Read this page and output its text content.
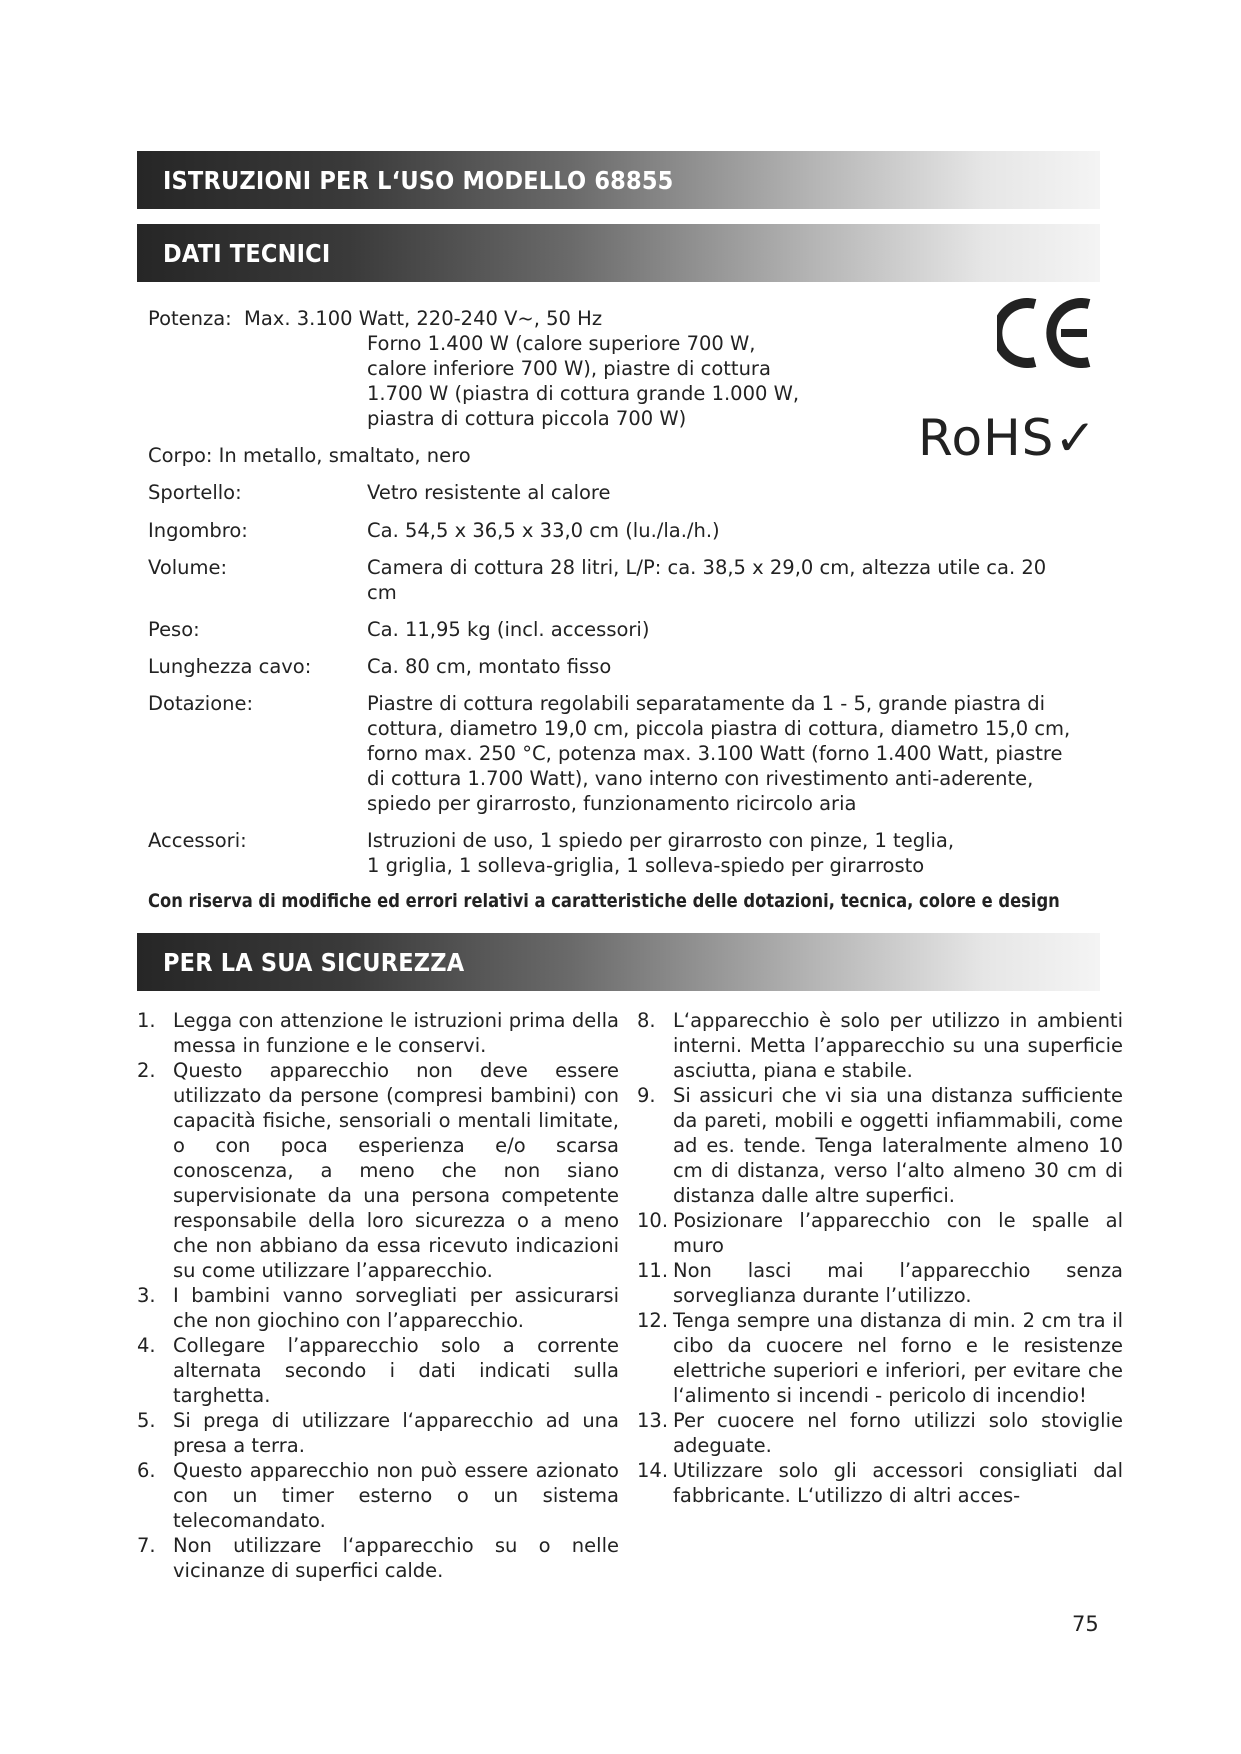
ISTRUZIONI PER L‘USO MODELLO 68855
DATI TECNICI
RoHS✓
Potenza: Max. 3.100 Watt, 220-240 V~, 50 Hz
Forno 1.400 W (calore superiore 700 W,
calore inferiore 700 W), piastre di cottura
1.700 W (piastra di cottura grande 1.000 W,
piastra di cottura piccola 700 W)
Corpo: In metallo, smaltato, nero
Sportello:	Vetro resistente al calore
Ingombro:	Ca. 54,5 x 36,5 x 33,0 cm (lu./la./h.)
Volume:	Camera di cottura 28 litri, L/P: ca. 38,5 x 29,0 cm, altezza utile ca. 20 cm
Peso:	Ca. 11,95 kg (incl. accessori)
Lunghezza cavo:	Ca. 80 cm, montato fisso
Dotazione:	Piastre di cottura regolabili separatamente da 1 - 5, grande piastra di cottura, diametro 19,0 cm, piccola piastra di cottura, diametro 15,0 cm, forno max. 250 °C, potenza max. 3.100 Watt (forno 1.400 Watt, piastre di cottura 1.700 Watt), vano interno con rivestimento anti-aderente, spiedo per girarrosto, funzionamento ricircolo aria
Accessori:	Istruzioni de uso, 1 spiedo per girarrosto con pinze, 1 teglia, 1 griglia, 1 solleva-griglia, 1 solleva-spiedo per girarrosto
Con riserva di modifiche ed errori relativi a caratteristiche delle dotazioni, tecnica, colore e design
PER LA SUA SICUREZZA
1. Legga con attenzione le istruzioni prima della messa in funzione e le conservi.
2. Questo apparecchio non deve essere utilizzato da persone (compresi bambini) con capacità fisiche, sensoriali o mentali limitate, o con poca esperienza e/o scarsa conoscenza, a meno che non siano supervisionate da una persona competente responsabile della loro sicurezza o a meno che non abbiano da essa ricevuto indicazioni su come utilizzare l’apparecchio.
3. I bambini vanno sorvegliati per assicurarsi che non giochino con l’apparecchio.
4. Collegare l’apparecchio solo a corrente alternata secondo i dati indicati sulla targhetta.
5. Si prega di utilizzare l‘apparecchio ad una presa a terra.
6. Questo apparecchio non può essere azionato con un timer esterno o un sistema telecomandato.
7. Non utilizzare l‘apparecchio su o nelle vicinanze di superfici calde.
8. L‘apparecchio è solo per utilizzo in ambienti interni. Metta l’apparecchio su una superficie asciutta, piana e stabile.
9. Si assicuri che vi sia una distanza sufficiente da pareti, mobili e oggetti infiammabili, come ad es. tende. Tenga lateralmente almeno 10 cm di distanza, verso l‘alto almeno 30 cm di distanza dalle altre superfici.
10. Posizionare l’apparecchio con le spalle al muro
11. Non lasci mai l’apparecchio senza sorveglianza durante l’utilizzo.
12. Tenga sempre una distanza di min. 2 cm tra il cibo da cuocere nel forno e le resistenze elettriche superiori e inferiori, per evitare che l‘alimento si incendi - pericolo di incendio!
13. Per cuocere nel forno utilizzi solo stoviglie adeguate.
14. Utilizzare solo gli accessori consigliati dal fabbricante. L‘utilizzo di altri acces-
75
